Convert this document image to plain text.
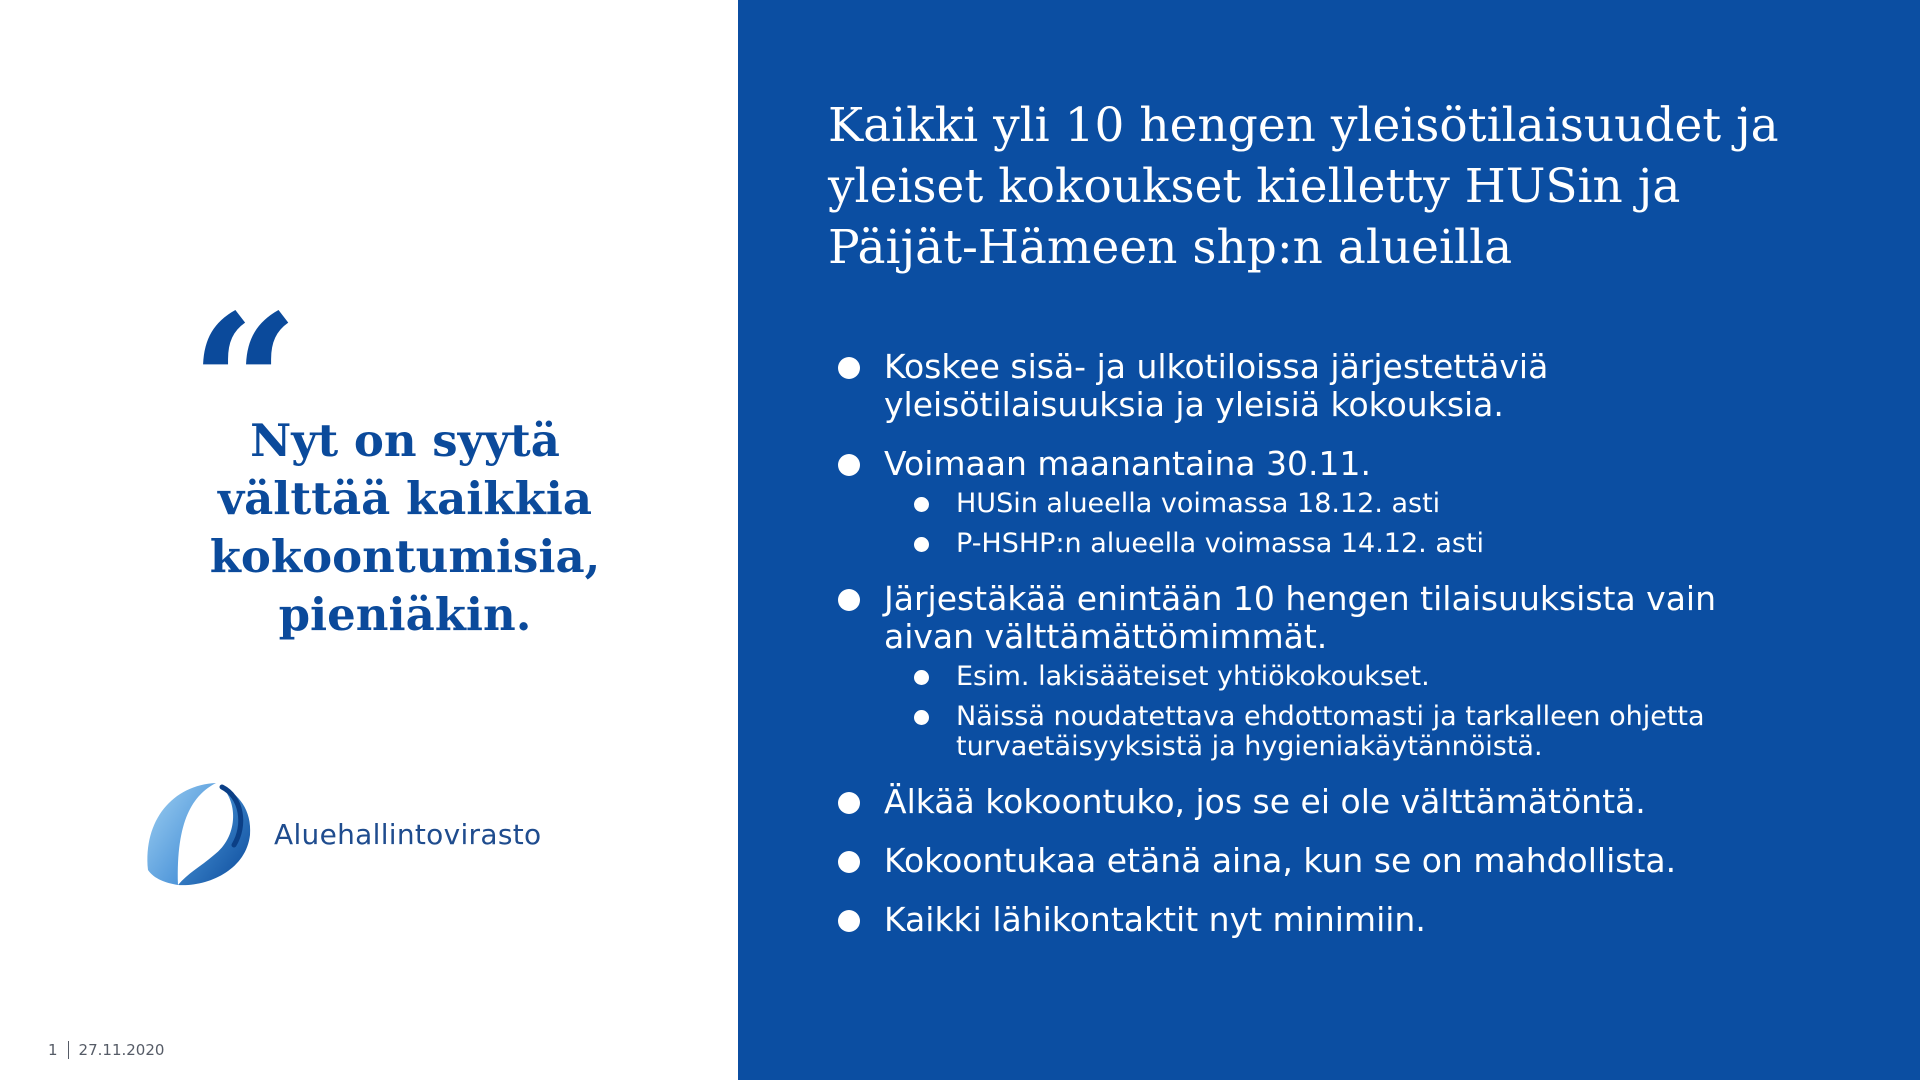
“
Nyt on syytä
välttää kaikkia
kokoontumisia,
pieniäkin.
Aluehallintovirasto
1 27.11.2020
Kaikki yli 10 hengen yleisötilaisuudet ja
yleiset kokoukset kielletty HUSin ja
Päijät-Hämeen shp:n alueilla
Koskee sisä- ja ulkotiloissa järjestettäviä
yleisötilaisuuksia ja yleisiä kokouksia.
Voimaan maanantaina 30.11.
HUSin alueella voimassa 18.12. asti
P-HSHP:n alueella voimassa 14.12. asti
Järjestäkää enintään 10 hengen tilaisuuksista vain
aivan välttämättömimmät.
Esim. lakisääteiset yhtiökokoukset.
Näissä noudatettava ehdottomasti ja tarkalleen ohjetta
turvaetäisyyksistä ja hygieniakäytännöistä.
Älkää kokoontuko, jos se ei ole välttämätöntä.
Kokoontukaa etänä aina, kun se on mahdollista.
Kaikki lähikontaktit nyt minimiin.
